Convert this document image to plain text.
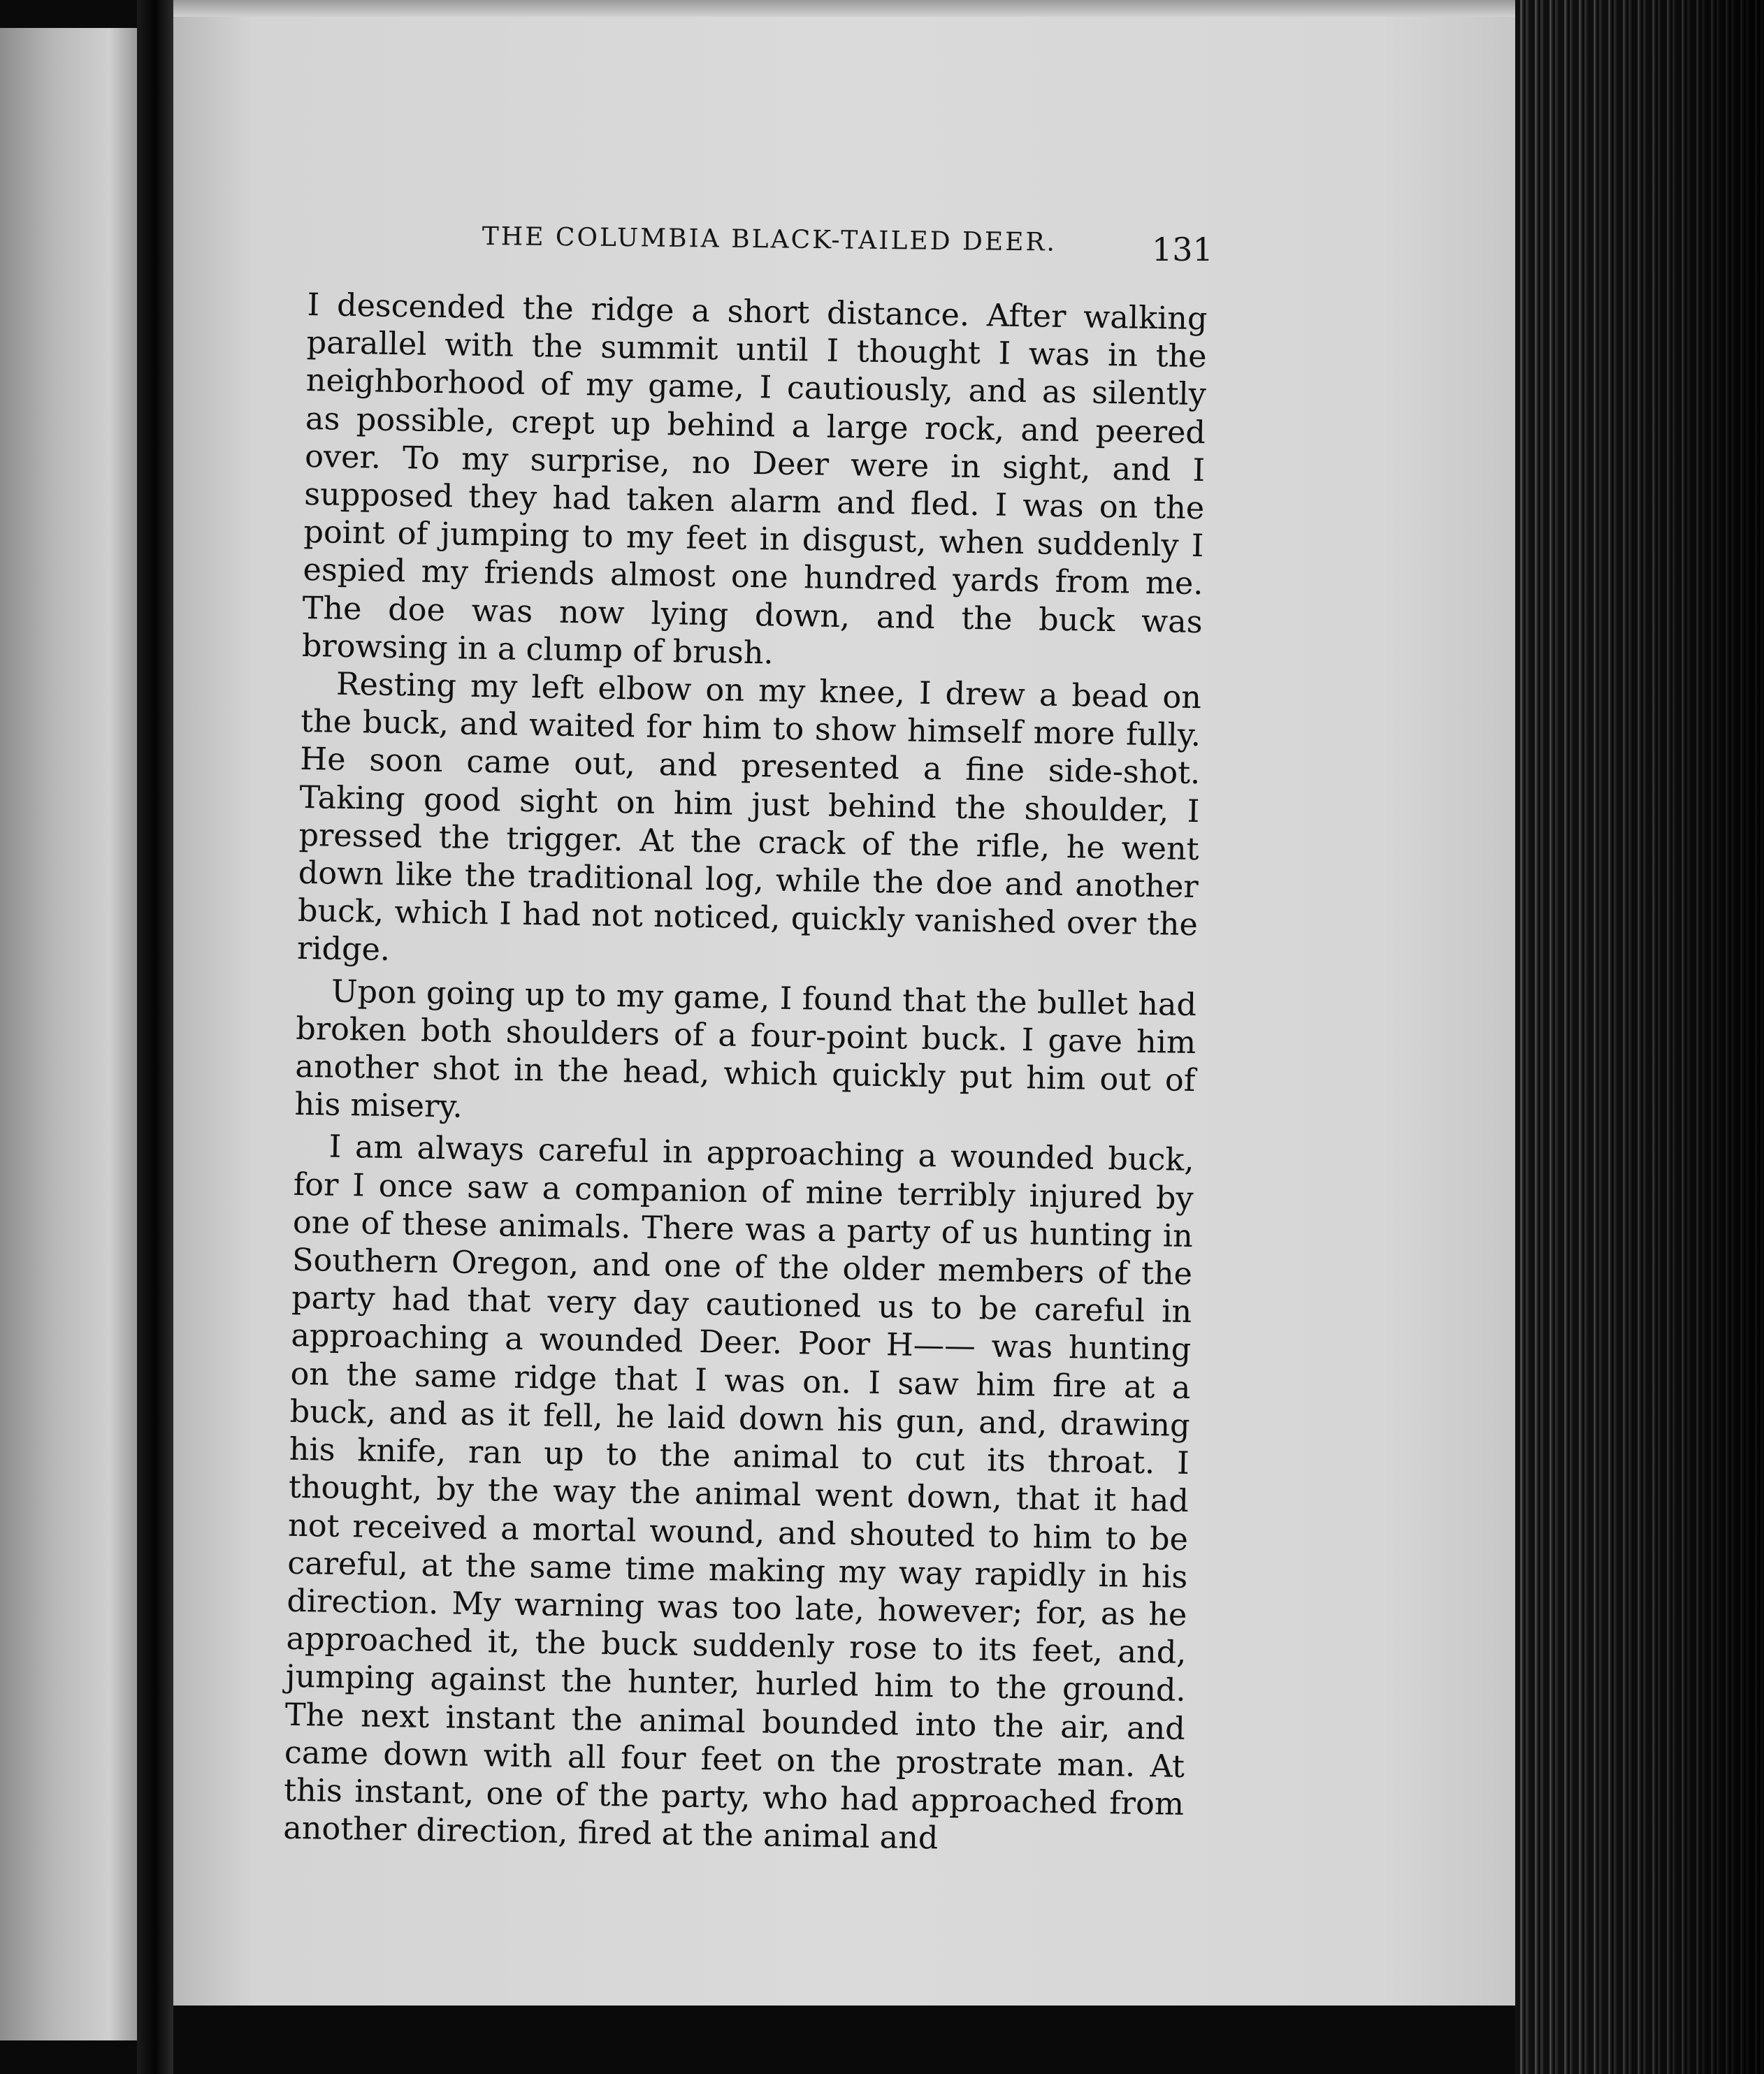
THE COLUMBIA BLACK-TAILED DEER.	131

I descended the ridge a short distance. After walking parallel with the summit until I thought I was in the neighborhood of my game, I cautiously, and as silently as possible, crept up behind a large rock, and peered over. To my surprise, no Deer were in sight, and I supposed they had taken alarm and fled. I was on the point of jumping to my feet in disgust, when suddenly I espied my friends almost one hundred yards from me. The doe was now lying down, and the buck was browsing in a clump of brush.

Resting my left elbow on my knee, I drew a bead on the buck, and waited for him to show himself more fully. He soon came out, and presented a fine side-shot. Taking good sight on him just behind the shoulder, I pressed the trigger. At the crack of the rifle, he went down like the traditional log, while the doe and another buck, which I had not noticed, quickly vanished over the ridge.

Upon going up to my game, I found that the bullet had broken both shoulders of a four-point buck. I gave him another shot in the head, which quickly put him out of his misery.

I am always careful in approaching a wounded buck, for I once saw a companion of mine terribly injured by one of these animals. There was a party of us hunting in Southern Oregon, and one of the older members of the party had that very day cautioned us to be careful in approaching a wounded Deer. Poor H—— was hunting on the same ridge that I was on. I saw him fire at a buck, and as it fell, he laid down his gun, and, drawing his knife, ran up to the animal to cut its throat. I thought, by the way the animal went down, that it had not received a mortal wound, and shouted to him to be careful, at the same time making my way rapidly in his direction. My warning was too late, however; for, as he approached it, the buck suddenly rose to its feet, and, jumping against the hunter, hurled him to the ground. The next instant the animal bounded into the air, and came down with all four feet on the prostrate man. At this instant, one of the party, who had approached from another direction, fired at the animal and
